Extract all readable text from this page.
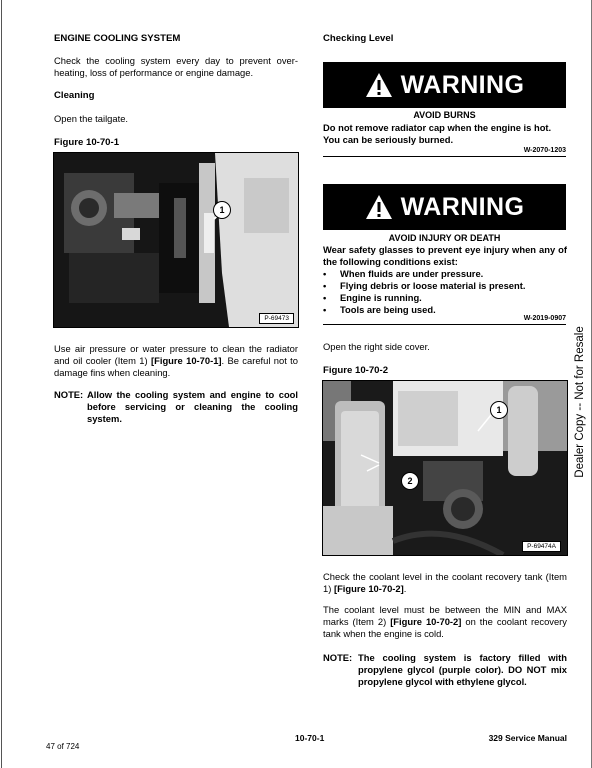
ENGINE COOLING SYSTEM
Check the cooling system every day to prevent over-heating, loss of performance or engine damage.
Cleaning
Open the tailgate.
Figure 10-70-1
1
P-69473
Use air pressure or water pressure to clean the radiator and oil cooler (Item 1) [Figure 10-70-1]. Be careful not to damage fins when cleaning.
NOTE: Allow the cooling system and engine to cool before servicing or cleaning the cooling system.
Checking Level
WARNING
AVOID BURNS
Do not remove radiator cap when the engine is hot.
You can be seriously burned.
W-2070-1203
WARNING
AVOID INJURY OR DEATH
Wear safety glasses to prevent eye injury when any of the following conditions exist:
• When fluids are under pressure.
• Flying debris or loose material is present.
• Engine is running.
• Tools are being used.
W-2019-0907
Open the right side cover.
Figure 10-70-2
1
2
P-69474A
Check the coolant level in the coolant recovery tank (Item 1) [Figure 10-70-2].
The coolant level must be between the MIN and MAX marks (Item 2) [Figure 10-70-2] on the coolant recovery tank when the engine is cold.
NOTE: The cooling system is factory filled with propylene glycol (purple color). DO NOT mix propylene glycol with ethylene glycol.
Dealer Copy -- Not for Resale
10-70-1	329 Service Manual
47 of 724
